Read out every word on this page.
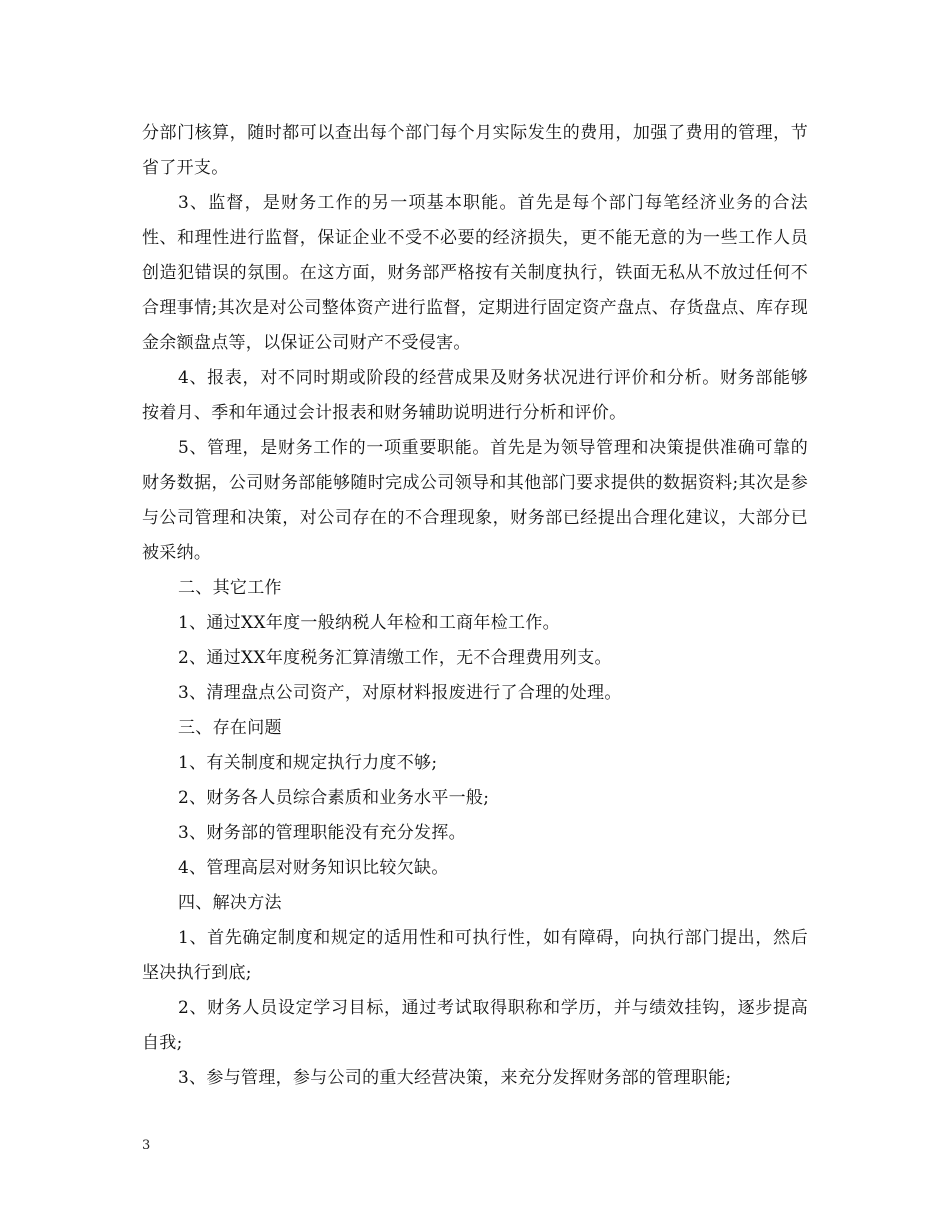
分部门核算，随时都可以查出每个部门每个月实际发生的费用，加强了费用的管理，节省了开支。

3、监督，是财务工作的另一项基本职能。首先是每个部门每笔经济业务的合法性、和理性进行监督，保证企业不受不必要的经济损失，更不能无意的为一些工作人员创造犯错误的氛围。在这方面，财务部严格按有关制度执行，铁面无私从不放过任何不合理事情;其次是对公司整体资产进行监督，定期进行固定资产盘点、存货盘点、库存现金余额盘点等，以保证公司财产不受侵害。

4、报表，对不同时期或阶段的经营成果及财务状况进行评价和分析。财务部能够按着月、季和年通过会计报表和财务辅助说明进行分析和评价。

5、管理，是财务工作的一项重要职能。首先是为领导管理和决策提供准确可靠的财务数据，公司财务部能够随时完成公司领导和其他部门要求提供的数据资料;其次是参与公司管理和决策，对公司存在的不合理现象，财务部已经提出合理化建议，大部分已被采纳。

二、其它工作

1、通过XX年度一般纳税人年检和工商年检工作。

2、通过XX年度税务汇算清缴工作，无不合理费用列支。

3、清理盘点公司资产，对原材料报废进行了合理的处理。

三、存在问题

1、有关制度和规定执行力度不够;

2、财务各人员综合素质和业务水平一般;

3、财务部的管理职能没有充分发挥。

4、管理高层对财务知识比较欠缺。

四、解决方法

1、首先确定制度和规定的适用性和可执行性，如有障碍，向执行部门提出，然后坚决执行到底;

2、财务人员设定学习目标，通过考试取得职称和学历，并与绩效挂钩，逐步提高自我;

3、参与管理，参与公司的重大经营决策，来充分发挥财务部的管理职能;

3
